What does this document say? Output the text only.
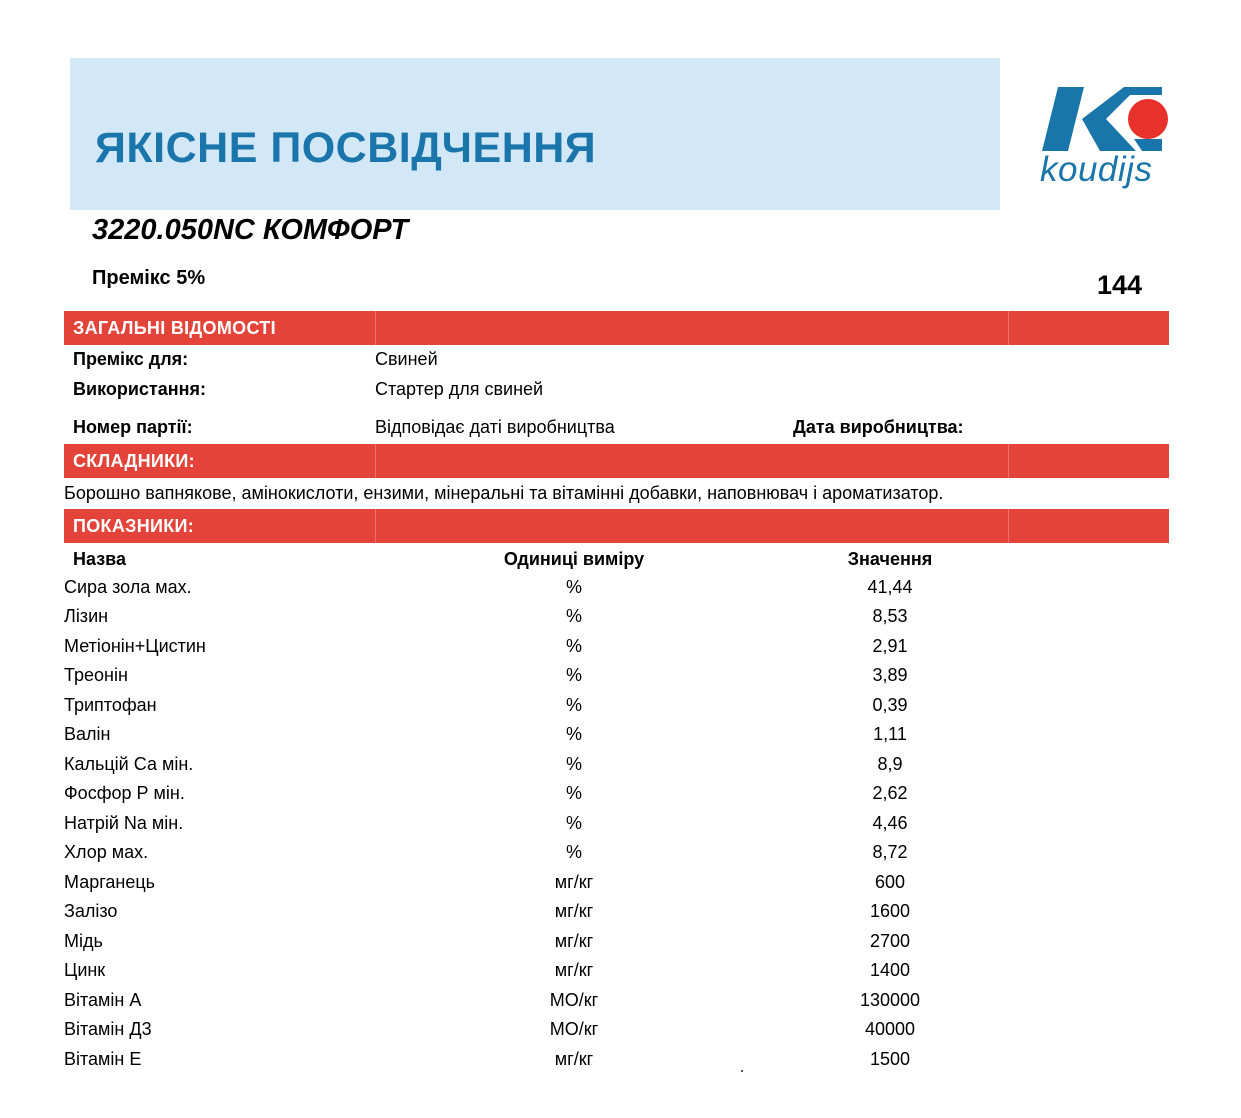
ЯКІСНЕ ПОСВІДЧЕННЯ	koudijs
3220.050NC КОМФОРТ
Премікс 5%	144
ЗАГАЛЬНІ ВІДОМОСТІ
Премікс для:	Свиней
Використання:	Стартер для свиней
Номер партії:	Відповідає даті виробництва	Дата виробництва:
СКЛАДНИКИ:
Борошно вапнякове, амінокислоти, ензими, мінеральні та вітамінні добавки, наповнювач і ароматизатор.
ПОКАЗНИКИ:
Назва	Одиниці виміру	Значення
Сира зола мах.	%	41,44
Лізин	%	8,53
Метіонін+Цистин	%	2,91
Треонін	%	3,89
Триптофан	%	0,39
Валін	%	1,11
Кальцій Са мін.	%	8,9
Фосфор Р мін.	%	2,62
Натрій Na мін.	%	4,46
Хлор мах.	%	8,72
Марганець	мг/кг	600
Залізо	мг/кг	1600
Мідь	мг/кг	2700
Цинк	мг/кг	1400
Вітамін А	МО/кг	130000
Вітамін Д3	МО/кг	40000
Вітамін Е	мг/кг	1500
